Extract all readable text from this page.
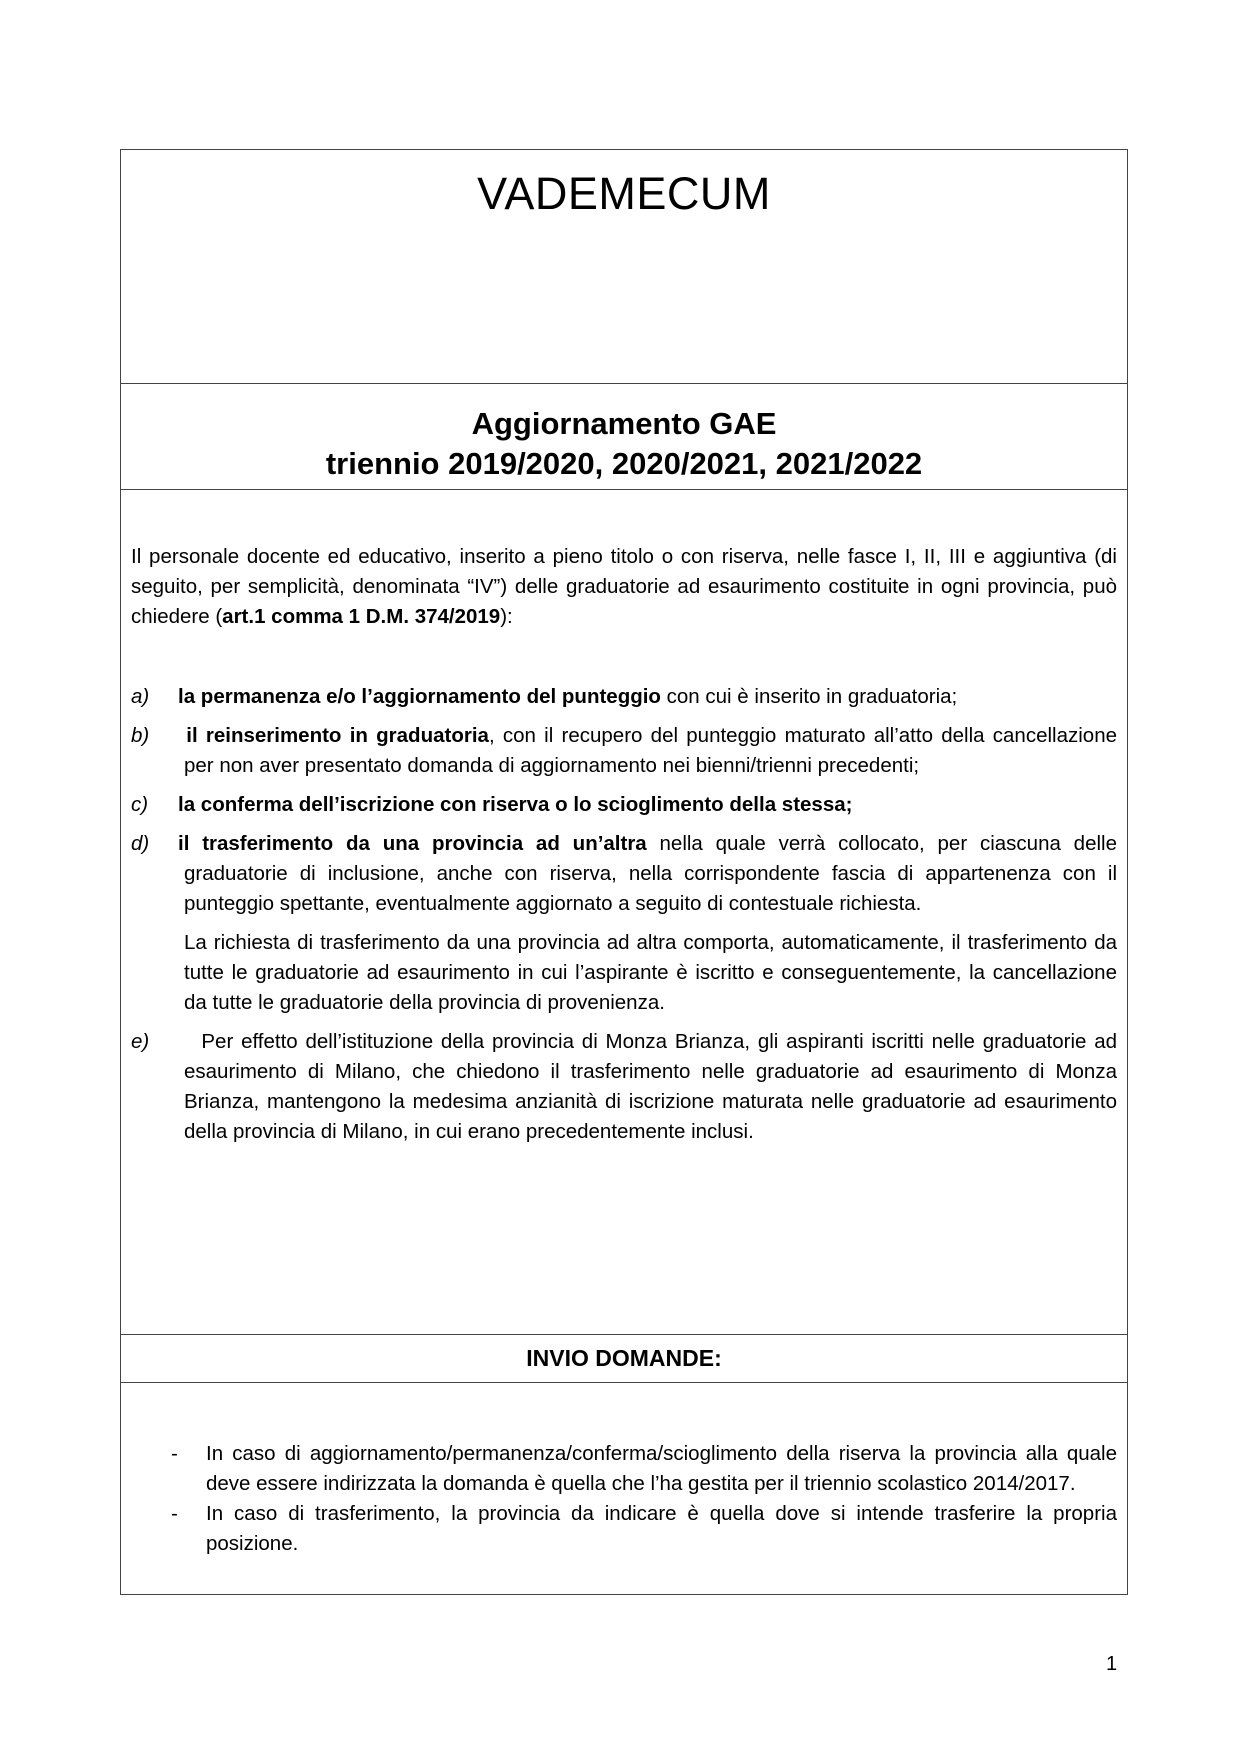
VADEMECUM
Aggiornamento GAE
triennio 2019/2020, 2020/2021, 2021/2022
Il personale docente ed educativo, inserito a pieno titolo o con riserva, nelle fasce I, II, III e aggiuntiva (di seguito, per semplicità, denominata “IV”) delle graduatorie ad esaurimento costituite in ogni provincia, può chiedere (art.1 comma 1 D.M. 374/2019):
a) la permanenza e/o l’aggiornamento del punteggio con cui è inserito in graduatoria;
b) il reinserimento in graduatoria, con il recupero del punteggio maturato all’atto della cancellazione per non aver presentato domanda di aggiornamento nei bienni/trienni precedenti;
c) la conferma dell’iscrizione con riserva o lo scioglimento della stessa;
d) il trasferimento da una provincia ad un’altra nella quale verrà collocato, per ciascuna delle graduatorie di inclusione, anche con riserva, nella corrispondente fascia di appartenenza con il punteggio spettante, eventualmente aggiornato a seguito di contestuale richiesta.
La richiesta di trasferimento da una provincia ad altra comporta, automaticamente, il trasferimento da tutte le graduatorie ad esaurimento in cui l’aspirante è iscritto e conseguentemente, la cancellazione da tutte le graduatorie della provincia di provenienza.
e)	Per effetto dell’istituzione della provincia di Monza Brianza, gli aspiranti iscritti nelle graduatorie ad esaurimento di Milano, che chiedono il trasferimento nelle graduatorie ad esaurimento di Monza Brianza, mantengono la medesima anzianità di iscrizione maturata nelle graduatorie ad esaurimento della provincia di Milano, in cui erano precedentemente inclusi.
INVIO DOMANDE:
- In caso di aggiornamento/permanenza/conferma/scioglimento della riserva la provincia alla quale deve essere indirizzata la domanda è quella che l’ha gestita per il triennio scolastico 2014/2017.
- In caso di trasferimento, la provincia da indicare è quella dove si intende trasferire la propria posizione.
1
